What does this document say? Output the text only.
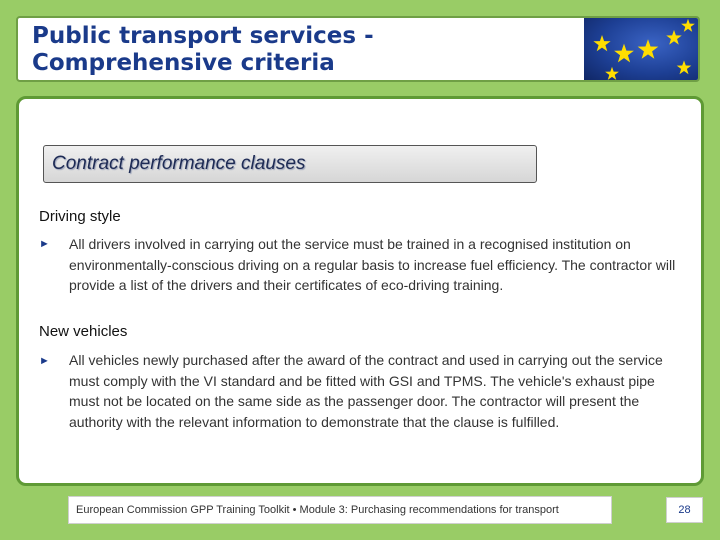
Public transport services -
Comprehensive criteria
Contract performance clauses
Driving style
► All drivers involved in carrying out the service must be trained in a recognised institution on environmentally-conscious driving on a regular basis to increase fuel efficiency. The contractor will provide a list of the drivers and their certificates of eco-driving training.
New vehicles
► All vehicles newly purchased after the award of the contract and used in carrying out the service must comply with the VI standard and be fitted with GSI and TPMS. The vehicle's exhaust pipe must not be located on the same side as the passenger door. The contractor will present the authority with the relevant information to demonstrate that the clause is fulfilled.
European Commission GPP Training Toolkit • Module 3: Purchasing recommendations for transport	28
